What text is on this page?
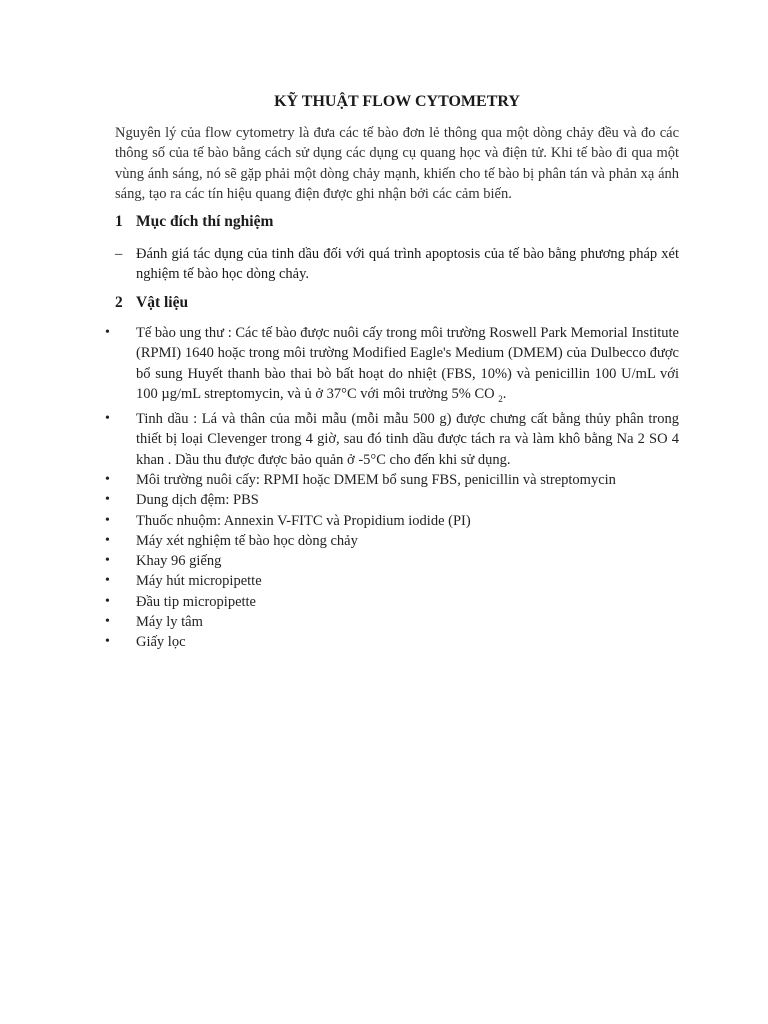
KỸ THUẬT FLOW CYTOMETRY

Nguyên lý của flow cytometry là đưa các tế bào đơn lẻ thông qua một dòng chảy đều và đo các thông số của tế bào bằng cách sử dụng các dụng cụ quang học và điện tử. Khi tế bào đi qua một vùng ánh sáng, nó sẽ gặp phải một dòng chảy mạnh, khiến cho tế bào bị phân tán và phản xạ ánh sáng, tạo ra các tín hiệu quang điện được ghi nhận bởi các cảm biến.

1 Mục đích thí nghiệm
– Đánh giá tác dụng của tinh dầu đối với quá trình apoptosis của tế bào bằng phương pháp xét nghiệm tế bào học dòng chảy.
2 Vật liệu
• Tế bào ung thư : Các tế bào được nuôi cấy trong môi trường Roswell Park Memorial Institute (RPMI) 1640 hoặc trong môi trường Modified Eagle's Medium (DMEM) của Dulbecco được bổ sung Huyết thanh bào thai bò bất hoạt do nhiệt (FBS, 10%) và penicillin 100 U/mL với 100 µg/mL streptomycin, và ủ ở 37°C với môi trường 5% CO $_2$.
• Tinh dầu : Lá và thân của mỗi mẫu (mỗi mẫu 500 g) được chưng cất bằng thủy phân trong thiết bị loại Clevenger trong 4 giờ, sau đó tinh dầu được tách ra và làm khô bằng Na 2 SO 4 khan . Dầu thu được được bảo quản ở -5°C cho đến khi sử dụng.
• Môi trường nuôi cấy: RPMI hoặc DMEM bổ sung FBS, penicillin và streptomycin
• Dung dịch đệm: PBS
• Thuốc nhuộm: Annexin V-FITC và Propidium iodide (PI)
• Máy xét nghiệm tế bào học dòng chảy
• Khay 96 giếng
• Máy hút micropipette
• Đầu tip micropipette
• Máy ly tâm
• Giấy lọc
